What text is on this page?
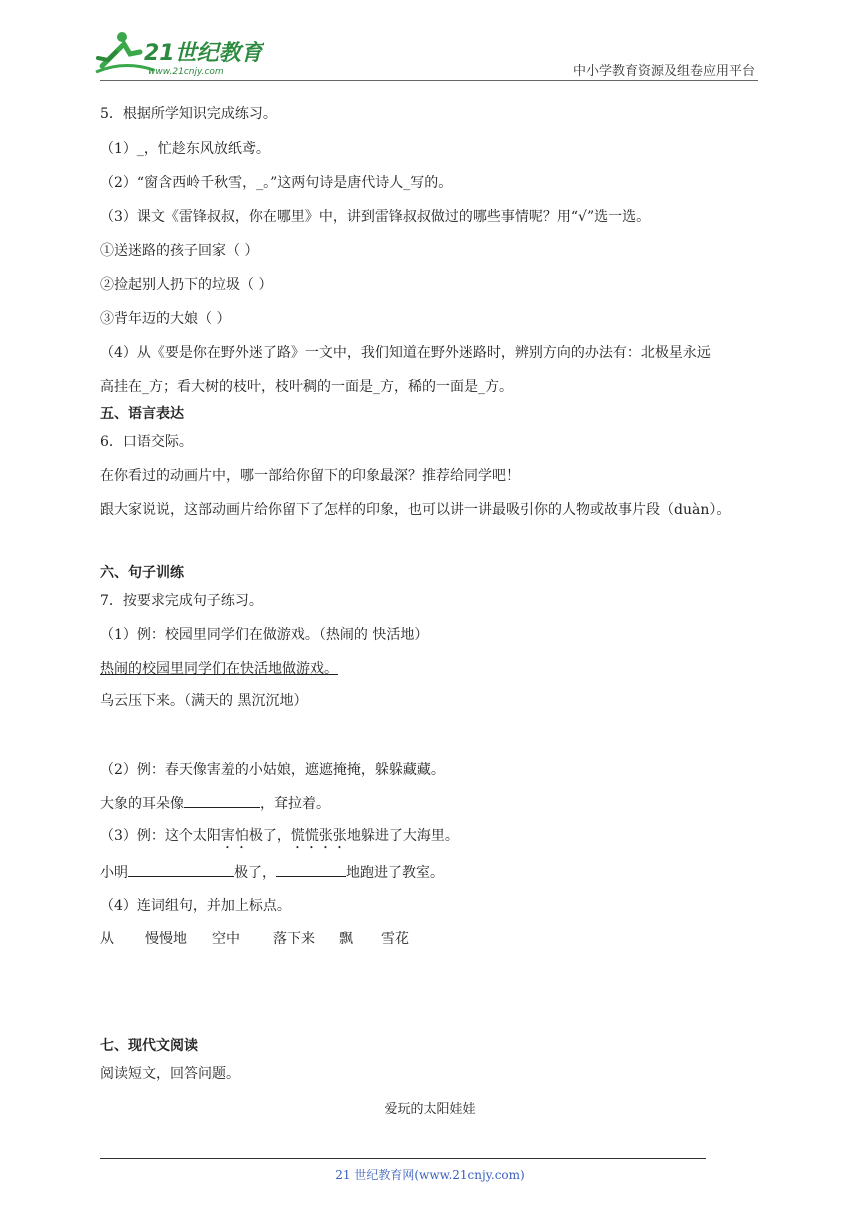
21世纪教育
www.21cnjy.com	中小学教育资源及组卷应用平台
5．根据所学知识完成练习。
（1）_，忙趁东风放纸鸢。
（2）“窗含西岭千秋雪，_。”这两句诗是唐代诗人_写的。
（3）课文《雷锋叔叔，你在哪里》中，讲到雷锋叔叔做过的哪些事情呢？用“√”选一选。
①送迷路的孩子回家（ ）
②捡起别人扔下的垃圾（ ）
③背年迈的大娘（ ）
（4）从《要是你在野外迷了路》一文中，我们知道在野外迷路时，辨别方向的办法有：北极星永远
高挂在_方；看大树的枝叶，枝叶稠的一面是_方，稀的一面是_方。
五、语言表达
6．口语交际。
在你看过的动画片中，哪一部给你留下的印象最深？推荐给同学吧！
跟大家说说，这部动画片给你留下了怎样的印象，也可以讲一讲最吸引你的人物或故事片段（duàn）。
六、句子训练
7．按要求完成句子练习。
（1）例：校园里同学们在做游戏。（热闹的 快活地）
热闹的校园里同学们在快活地做游戏。
乌云压下来。（满天的 黑沉沉地）
（2）例：春天像害羞的小姑娘，遮遮掩掩，躲躲藏藏。
大象的耳朵像	，耷拉着。
（3）例：这个太阳害怕极了，慌慌张张地躲进了大海里。
小明	极了，	地跑进了教室。
（4）连词组句，并加上标点。
从 慢慢地 空中 落下来 飘 雪花
七、现代文阅读
阅读短文，回答问题。
爱玩的太阳娃娃
21 世纪教育网(www.21cnjy.com)
